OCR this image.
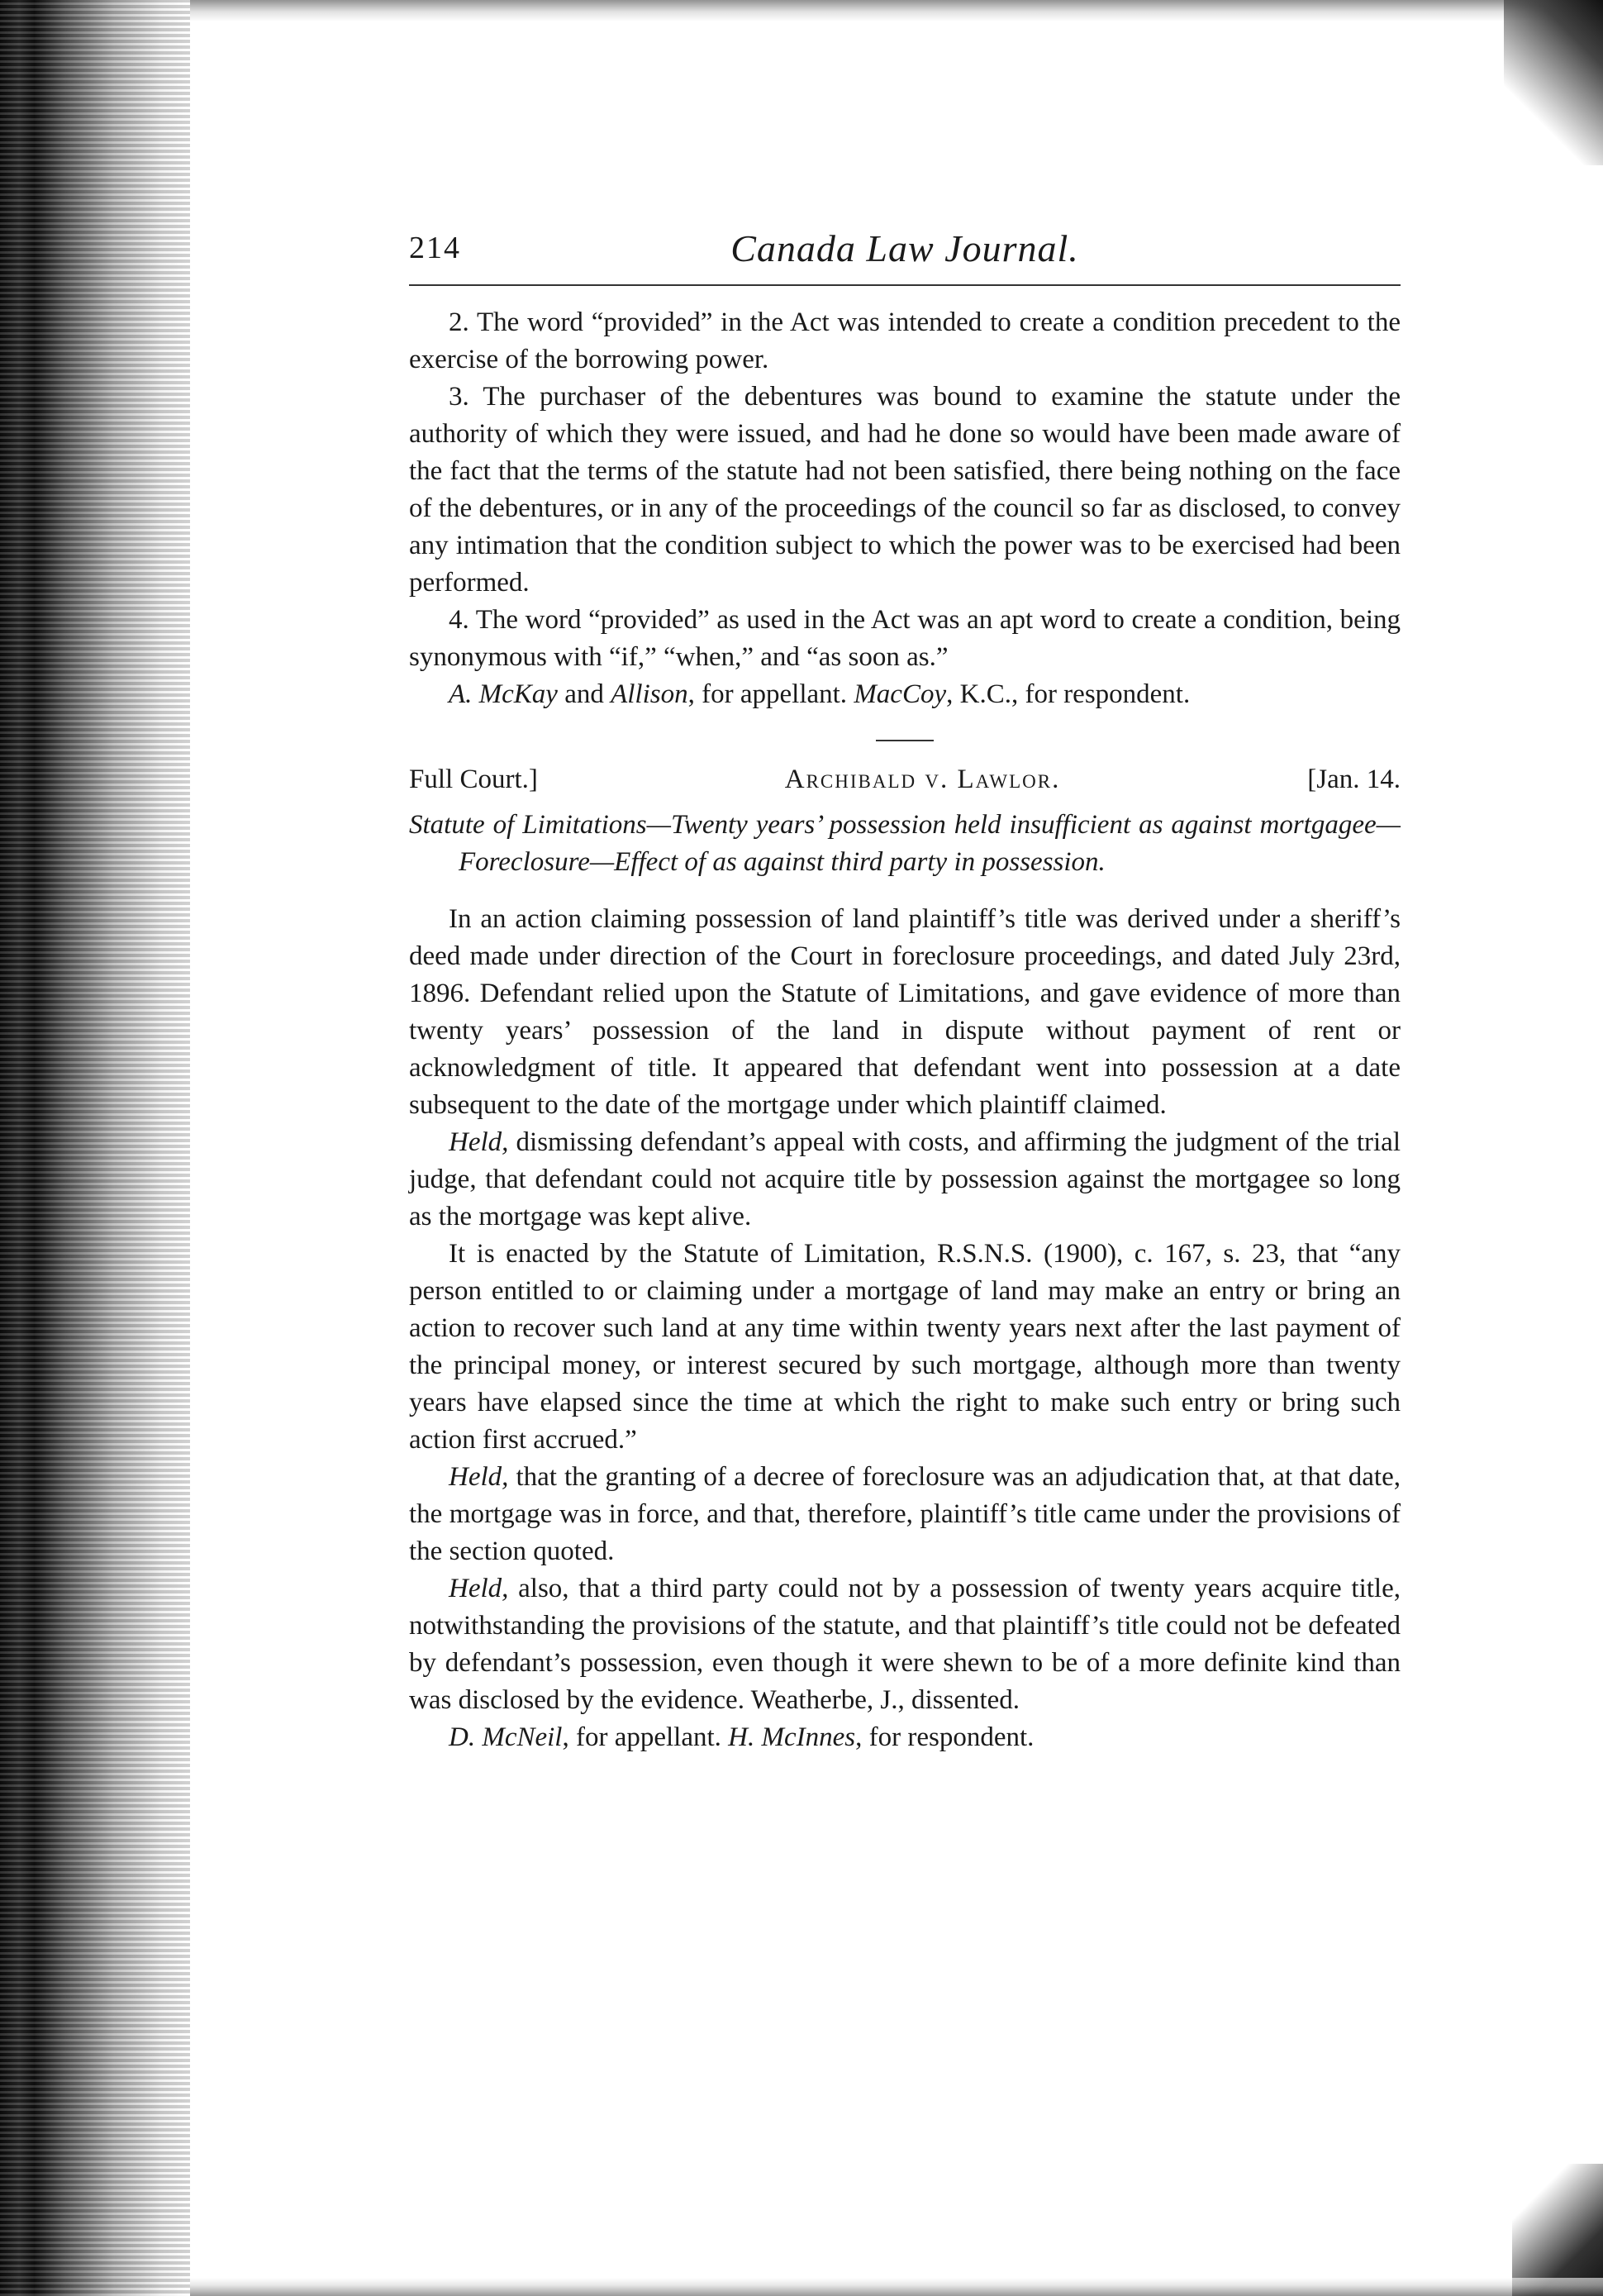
214	Canada Law Journal.

2. The word “provided” in the Act was intended to create a condition precedent to the exercise of the borrowing power.

3. The purchaser of the debentures was bound to examine the statute under the authority of which they were issued, and had he done so would have been made aware of the fact that the terms of the statute had not been satisfied, there being nothing on the face of the debentures, or in any of the proceedings of the council so far as disclosed, to convey any intimation that the condition subject to which the power was to be exercised had been performed.

4. The word “provided” as used in the Act was an apt word to create a condition, being synonymous with “if,” “when,” and “as soon as.”

A. McKay and Allison, for appellant. MacCoy, K.C., for respondent.

Full Court.]	Archibald v. Lawlor.	[Jan. 14.
Statute of Limitations—Twenty years’ possession held insufficient as against mortgagee—Foreclosure—Effect of as against third party in possession.

In an action claiming possession of land plaintiff’s title was derived under a sheriff’s deed made under direction of the Court in foreclosure proceedings, and dated July 23rd, 1896. Defendant relied upon the Statute of Limitations, and gave evidence of more than twenty years’ possession of the land in dispute without payment of rent or acknowledgment of title. It appeared that defendant went into possession at a date subsequent to the date of the mortgage under which plaintiff claimed.

Held, dismissing defendant’s appeal with costs, and affirming the judgment of the trial judge, that defendant could not acquire title by possession against the mortgagee so long as the mortgage was kept alive.

It is enacted by the Statute of Limitation, R.S.N.S. (1900), c. 167, s. 23, that “any person entitled to or claiming under a mortgage of land may make an entry or bring an action to recover such land at any time within twenty years next after the last payment of the principal money, or interest secured by such mortgage, although more than twenty years have elapsed since the time at which the right to make such entry or bring such action first accrued.”

Held, that the granting of a decree of foreclosure was an adjudication that, at that date, the mortgage was in force, and that, therefore, plaintiff’s title came under the provisions of the section quoted.

Held, also, that a third party could not by a possession of twenty years acquire title, notwithstanding the provisions of the statute, and that plaintiff’s title could not be defeated by defendant’s possession, even though it were shewn to be of a more definite kind than was disclosed by the evidence. Weatherbe, J., dissented.

D. McNeil, for appellant. H. McInnes, for respondent.
